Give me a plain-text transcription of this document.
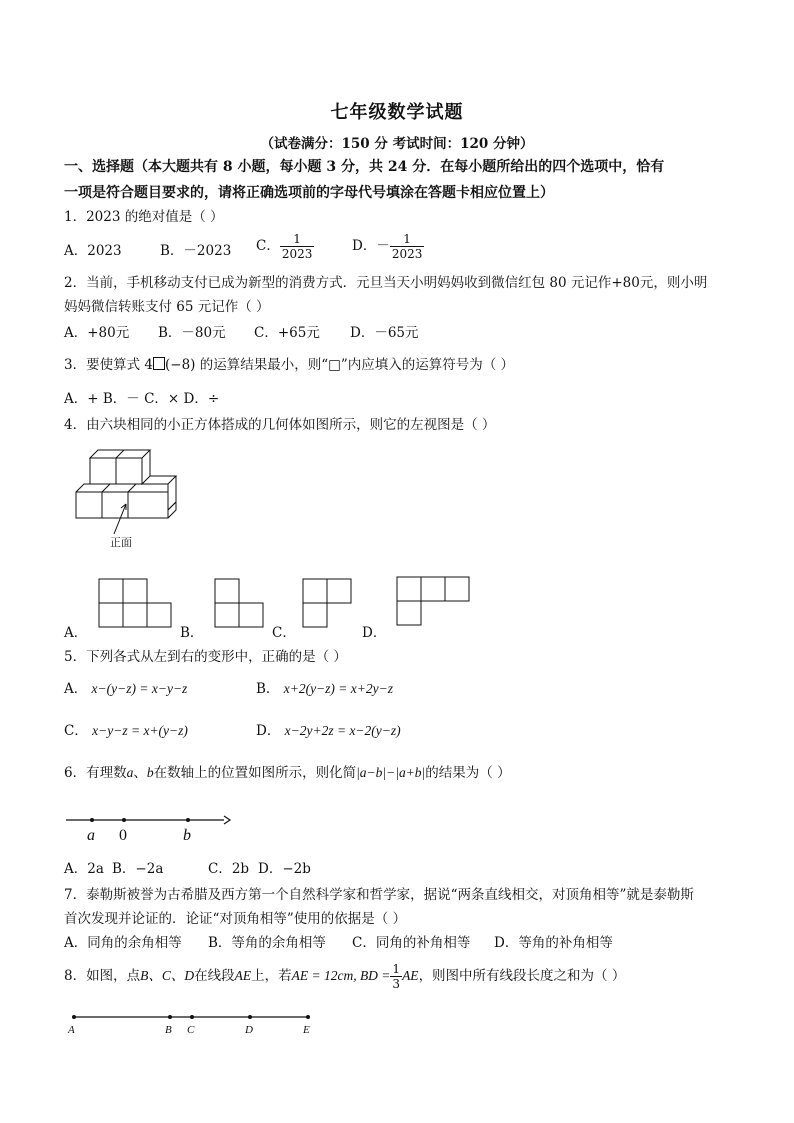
七年级数学试题
（试卷满分：150 分 考试时间：120 分钟）
一、选择题（本大题共有 8 小题，每小题 3 分，共 24 分．在每小题所给出的四个选项中，恰有
一项是符合题目要求的，请将正确选项前的字母代号填涂在答题卡相应位置上）
1．2023 的绝对值是（ ）
A．2023	B．－2023 C． $\frac{1}{2023}$	D．－ $\frac{1}{2023}$
2．当前，手机移动支付已成为新型的消费方式．元旦当天小明妈妈收到微信红包 80 元记作+80元，则小明
妈妈微信转账支付 65 元记作（ ）
A．+80元 B．－80元 C．+65元 D．－65元
3．要使算式 4 (−8) 的运算结果最小，则“□”内应填入的运算符号为（ ）
A．+ B．－ C．× D．÷
4．由六块相同的小正方体搭成的几何体如图所示，则它的左视图是（ ）
正面
A．	B．	C．	D．
5．下列各式从左到右的变形中，正确的是（ ）
A． x−(y−z) = x−y−z	B． x+2(y−z) = x+2y−z
C． x−y−z = x+(y−z)	D． x−2y+2z = x−2(y−z)
6．有理数a、b在数轴上的位置如图所示，则化简|a−b|−|a+b|的结果为（ ）
a 0	b
A．2a B．−2a	C．2b D．−2b
7．泰勒斯被誉为古希腊及西方第一个自然科学家和哲学家，据说“两条直线相交，对顶角相等”就是泰勒斯
首次发现并论证的．论证“对顶角相等”使用的依据是（ ）
A．同角的余角相等 B．等角的余角相等 C．同角的补角相等 D．等角的补角相等
8．如图，点B、C、D在线段AE上，若AE = 12cm, BD = $\frac{1}{3}$ AE，则图中所有线段长度之和为（ ）
A	B C	D	E
